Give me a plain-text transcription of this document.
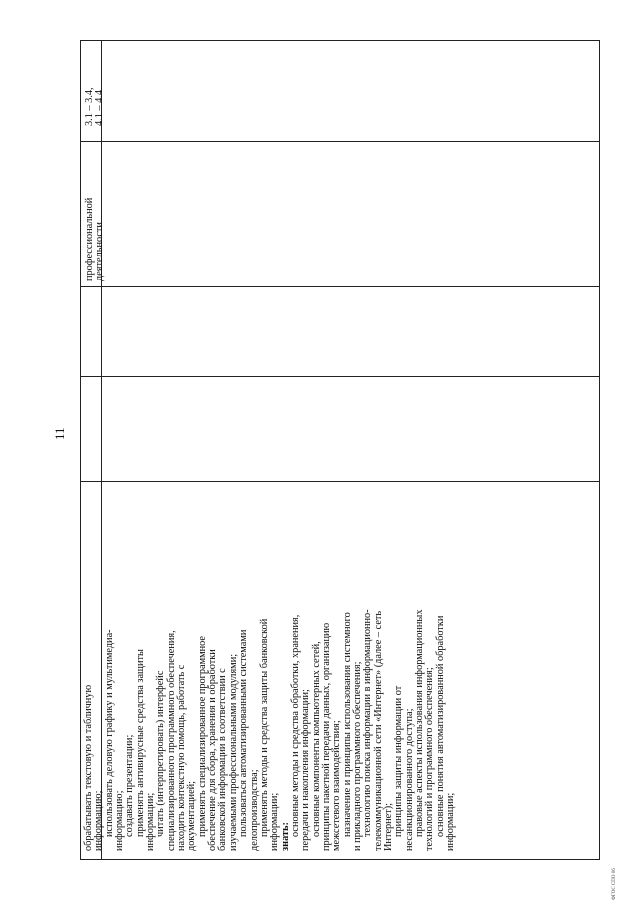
11
3.1 – 3.4, 4.1 – 4.4
профессиональной деятельности
обрабатывать текстовую и табличную информацию; использовать деловую графику и мультимедиа- информацию; создавать презентации; применять антивирусные средства защиты информации; читать (интерпретировать) интерфейс специализированного программного обеспечения, находить контекстную помощь, работать с документацией; применять специализированное программное обеспечение для сбора, хранения и обработки банковской информации в соответствии с изучаемыми профессиональными модулями; пользоваться автоматизированными системами делопроизводства; применять методы и средства защиты банковской информации; знать: основные методы и средства обработки, хранения, передачи и накопления информации; основные компоненты компьютерных сетей, принципы пакетной передачи данных, организацию межсетевого взаимодействия; назначение и принципы использования системного и прикладного программного обеспечения; технологию поиска информации в информационно- телекоммуникационной сети «Интернет» (далее – сеть Интернет); принципы защиты информации от несанкционированного доступа; правовые аспекты использования информационных технологий и программного обеспечения; основные понятия автоматизированной обработки информации;
ФГОС СПО 06
